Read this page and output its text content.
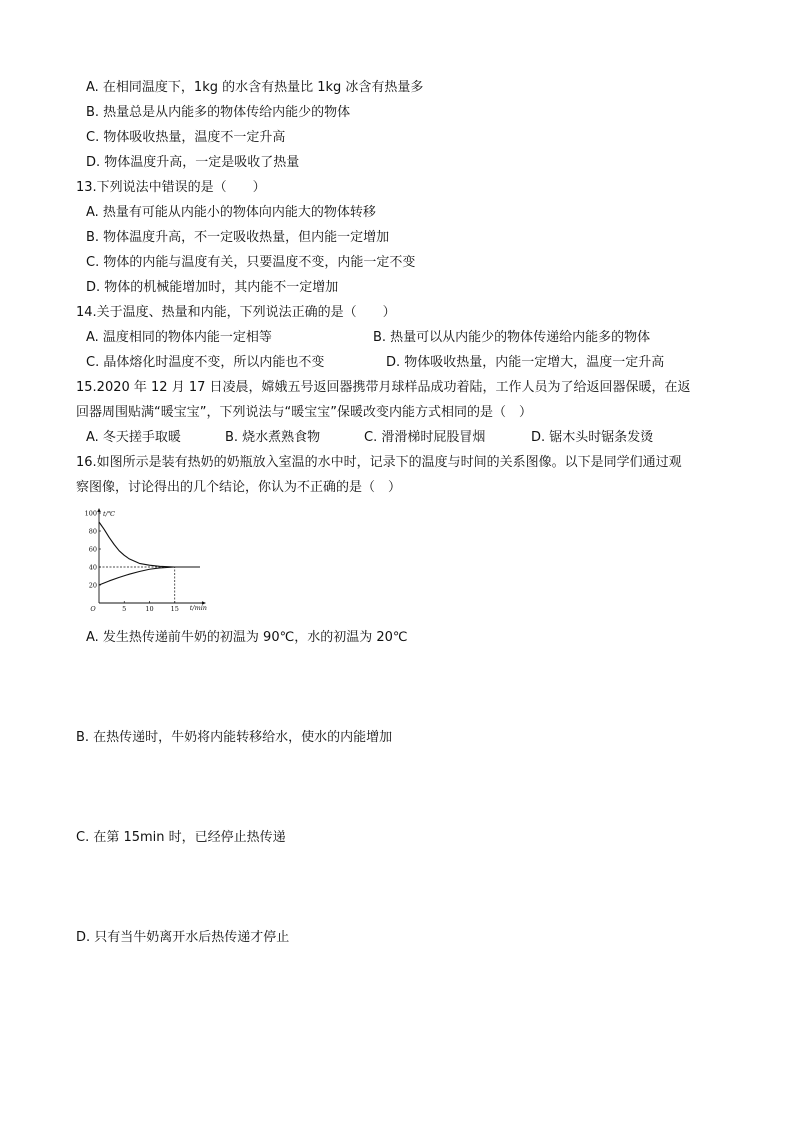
A. 在相同温度下，1kg 的水含有热量比 1kg 冰含有热量多
B. 热量总是从内能多的物体传给内能少的物体
C. 物体吸收热量，温度不一定升高
D. 物体温度升高，一定是吸收了热量
13.下列说法中错误的是（　　）
A. 热量有可能从内能小的物体向内能大的物体转移
B. 物体温度升高，不一定吸收热量，但内能一定增加
C. 物体的内能与温度有关，只要温度不变，内能一定不变
D. 物体的机械能增加时，其内能不一定增加
14.关于温度、热量和内能，下列说法正确的是（　　）
A. 温度相同的物体内能一定相等	B. 热量可以从内能少的物体传递给内能多的物体
C. 晶体熔化时温度不变，所以内能也不变	D. 物体吸收热量，内能一定增大，温度一定升高
15.2020 年 12 月 17 日凌晨，嫦娥五号返回器携带月球样品成功着陆，工作人员为了给返回器保暖，在返
回器周围贴满“暖宝宝”，下列说法与“暖宝宝”保暖改变内能方式相同的是（　）
A. 冬天搓手取暖	B. 烧水煮熟食物	C. 滑滑梯时屁股冒烟	D. 锯木头时锯条发烫
16.如图所示是装有热奶的奶瓶放入室温的水中时，记录下的温度与时间的关系图像。以下是同学们通过观
察图像，讨论得出的几个结论，你认为不正确的是（　）
t/℃
t/min
O	5	10	15
20
40
60
80
100
A. 发生热传递前牛奶的初温为 90℃，水的初温为 20℃
B. 在热传递时，牛奶将内能转移给水，使水的内能增加
C. 在第 15min 时，已经停止热传递
D. 只有当牛奶离开水后热传递才停止
